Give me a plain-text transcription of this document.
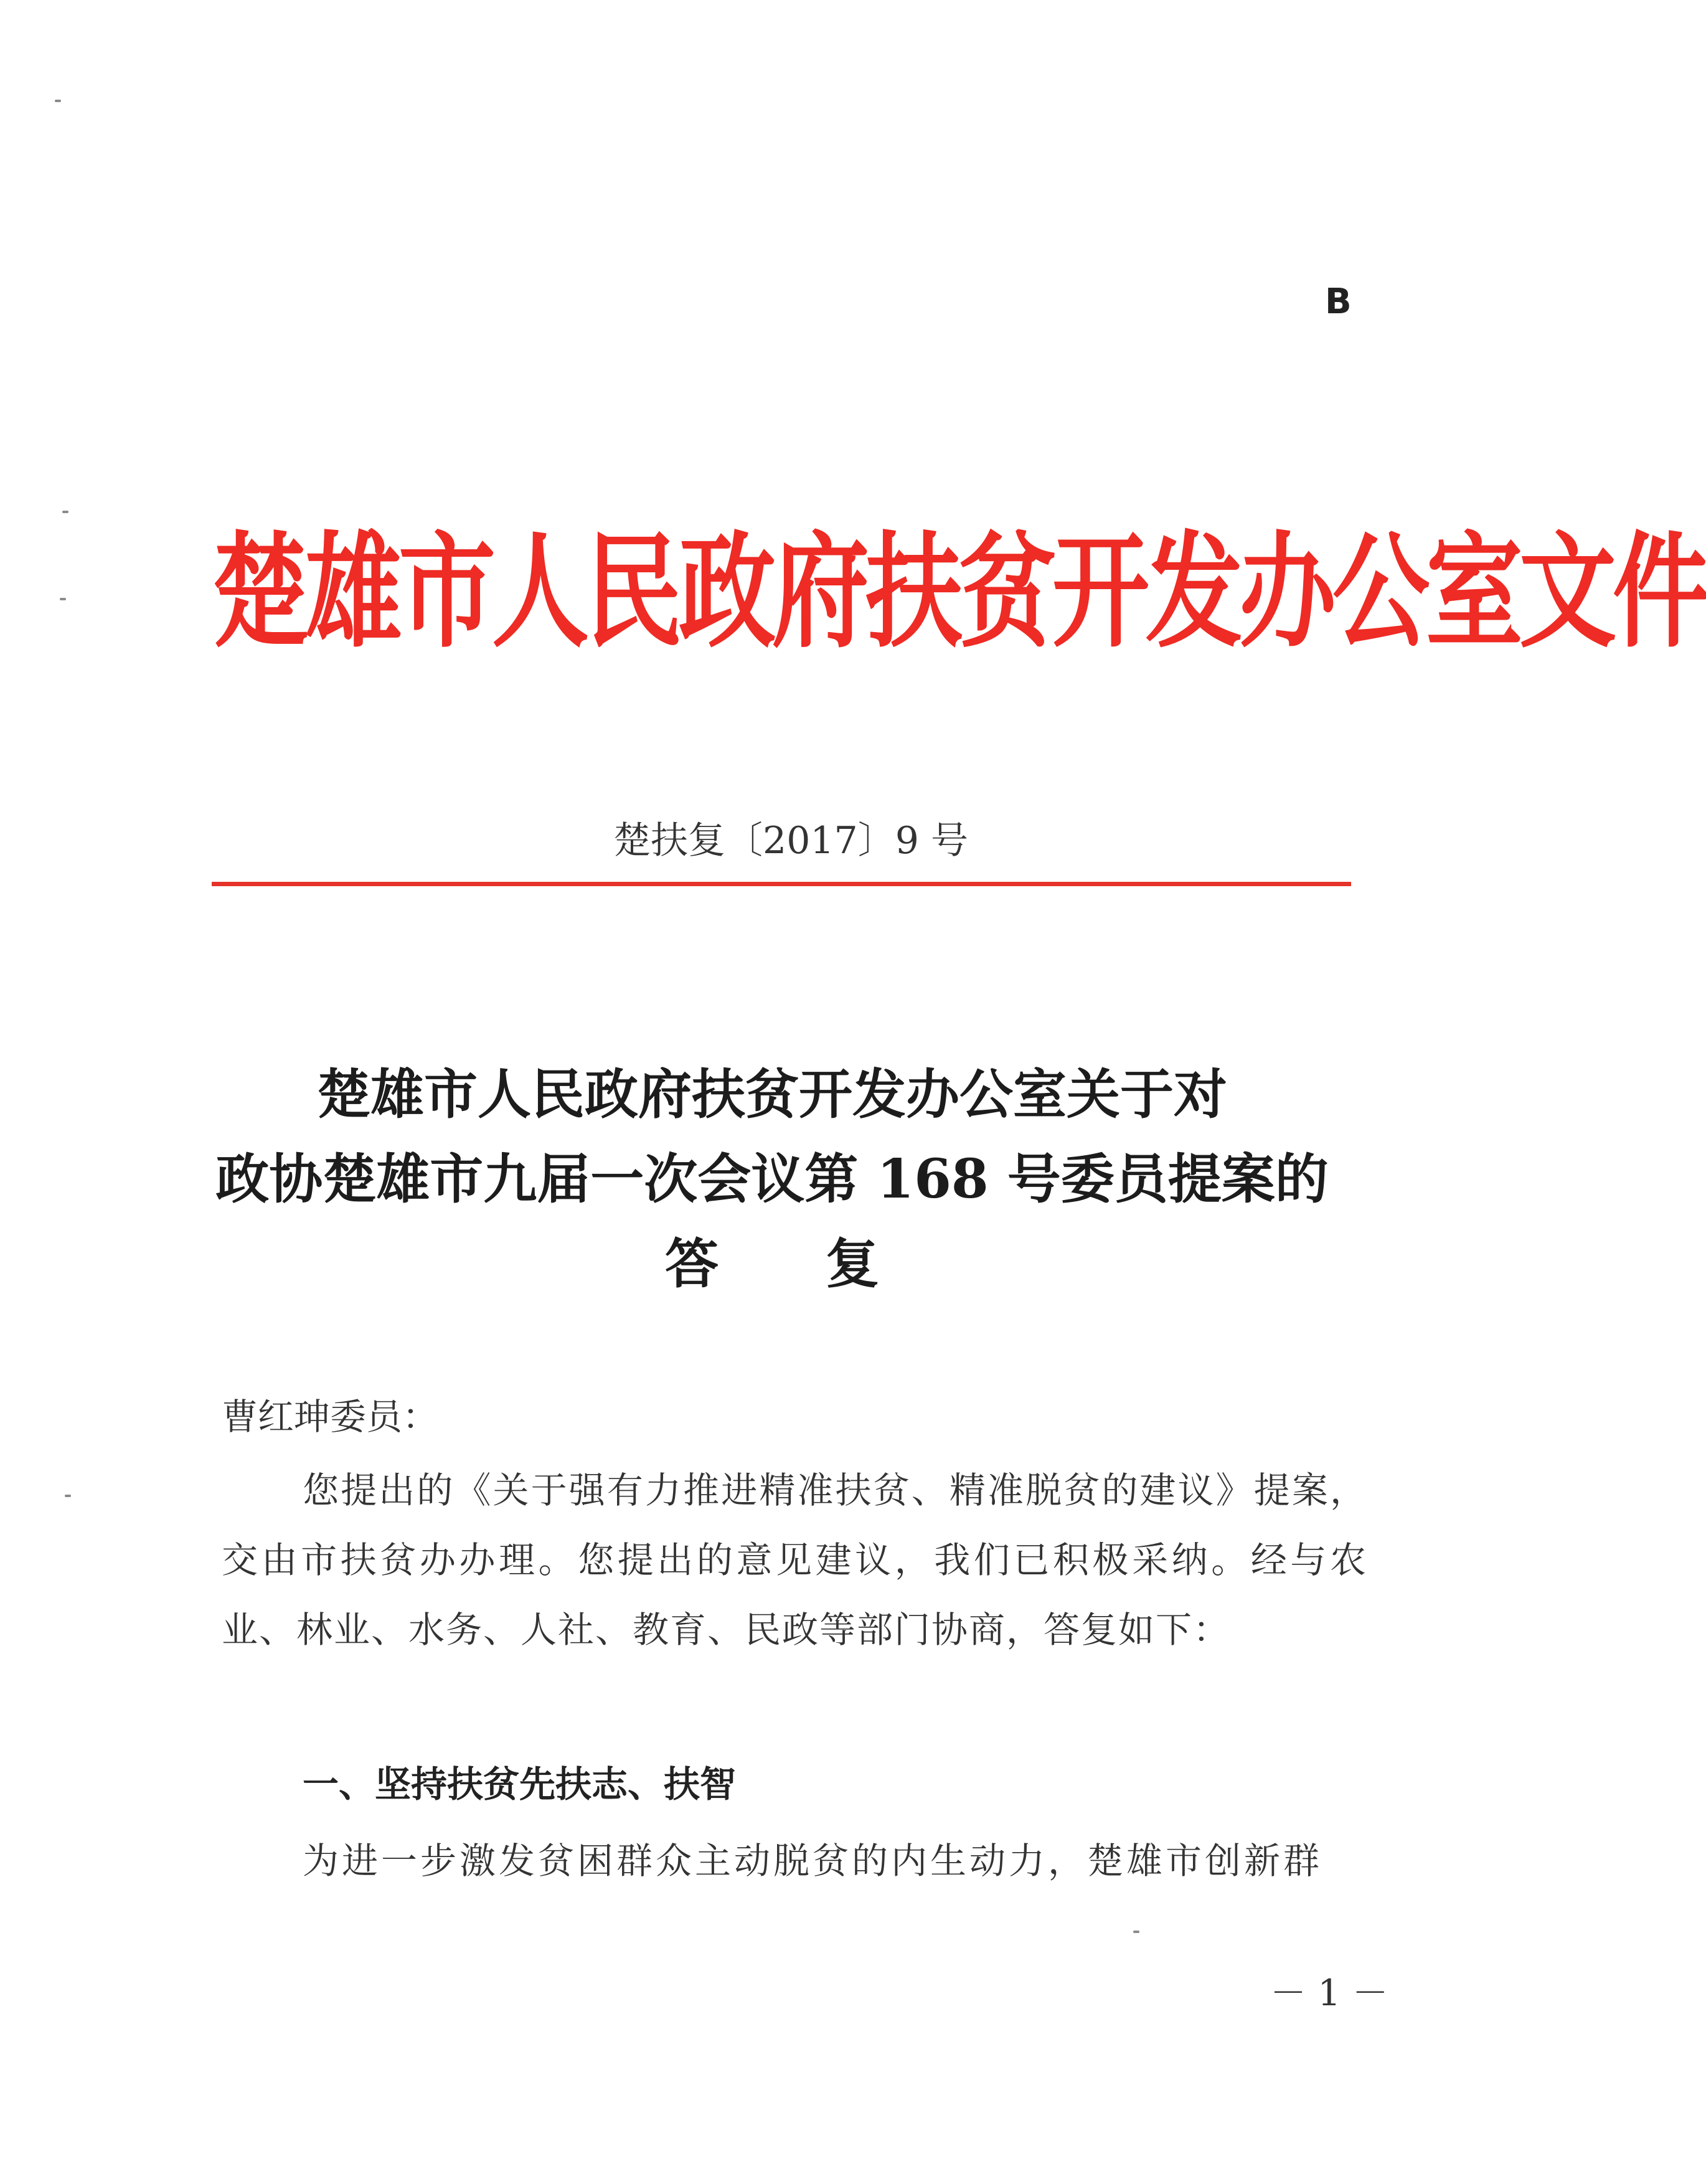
B
楚雄市人民政府扶贫开发办公室文件
楚扶复〔2017〕9 号
楚雄市人民政府扶贫开发办公室关于对
政协楚雄市九届一次会议第 168 号委员提案的
答　　复
曹红珅委员：
您提出的《关于强有力推进精准扶贫、精准脱贫的建议》提案，交由市扶贫办办理。您提出的意见建议，我们已积极采纳。经与农业、林业、水务、人社、教育、民政等部门协商，答复如下：
一、坚持扶贫先扶志、扶智
为进一步激发贫困群众主动脱贫的内生动力，楚雄市创新群
－ 1 －
